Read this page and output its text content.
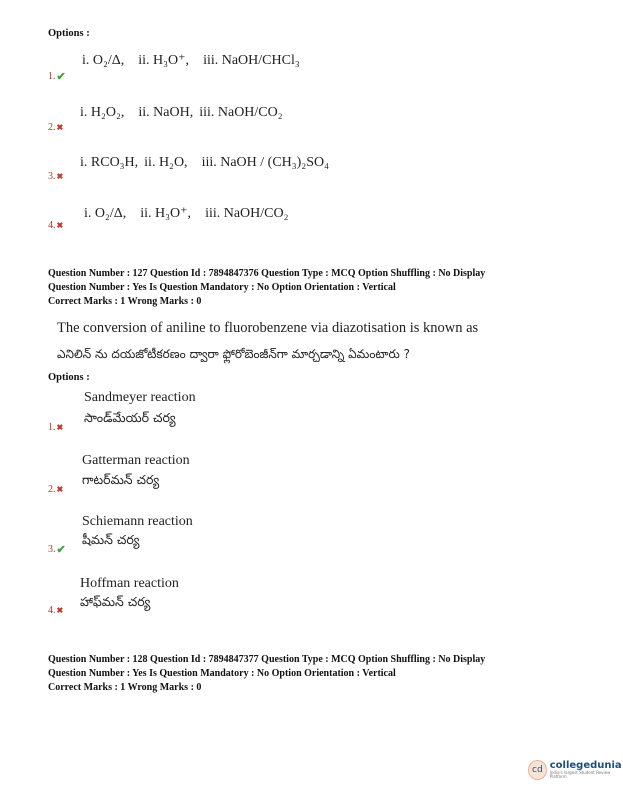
Options :
i. O₂/Δ, ii. H₃O⁺, iii. NaOH/CHCl₃
1. ✔
i. H₂O₂, ii. NaOH, iii. NaOH/CO₂
2. ✖
i. RCO₃H, ii. H₂O, iii. NaOH / (CH₃)₂SO₄
3. ✖
i. O₂/Δ, ii. H₃O⁺, iii. NaOH/CO₂
4. ✖
Question Number : 127 Question Id : 7894847376 Question Type : MCQ Option Shuffling : No Display
Question Number : Yes Is Question Mandatory : No Option Orientation : Vertical
Correct Marks : 1 Wrong Marks : 0
The conversion of aniline to fluorobenzene via diazotisation is known as
ఎనిలిన్ ను దయజోటీకరణం ద్వారా ఫ్లోరోబెంజీన్‌గా మార్చడాన్ని ఏమంటారు ?
Options :
Sandmeyer reaction
సాండ్‌మేయర్ చర్య
1. ✖
Gatterman reaction
గాటర్‌మన్ చర్య
2. ✖
Schiemann reaction
షీమన్ చర్య
3. ✔
Hoffman reaction
హాఫ్‌మన్ చర్య
4. ✖
Question Number : 128 Question Id : 7894847377 Question Type : MCQ Option Shuffling : No Display
Question Number : Yes Is Question Mandatory : No Option Orientation : Vertical
Correct Marks : 1 Wrong Marks : 0
cd collegedunia
India's largest Student Review Platform
